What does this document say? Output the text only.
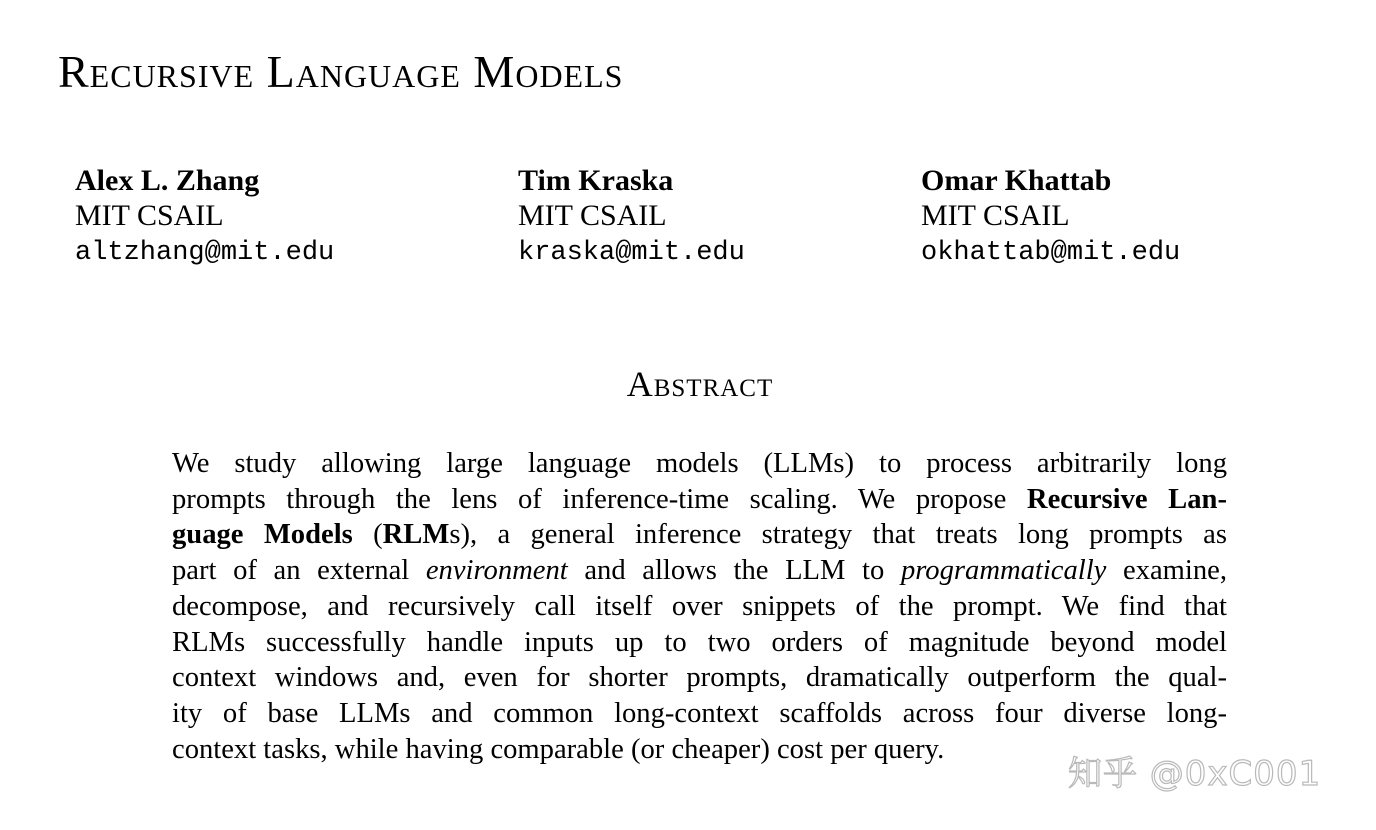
Recursive Language Models
Alex L. Zhang
MIT CSAIL
altzhang@mit.edu
Tim Kraska
MIT CSAIL
kraska@mit.edu
Omar Khattab
MIT CSAIL
okhattab@mit.edu
Abstract
We study allowing large language models (LLMs) to process arbitrarily long
prompts through the lens of inference-time scaling. We propose Recursive Lan-
guage Models (RLMs), a general inference strategy that treats long prompts as
part of an external environment and allows the LLM to programmatically examine,
decompose, and recursively call itself over snippets of the prompt. We find that
RLMs successfully handle inputs up to two orders of magnitude beyond model
context windows and, even for shorter prompts, dramatically outperform the qual-
ity of base LLMs and common long-context scaffolds across four diverse long-
context tasks, while having comparable (or cheaper) cost per query.
知乎 @0xC001
